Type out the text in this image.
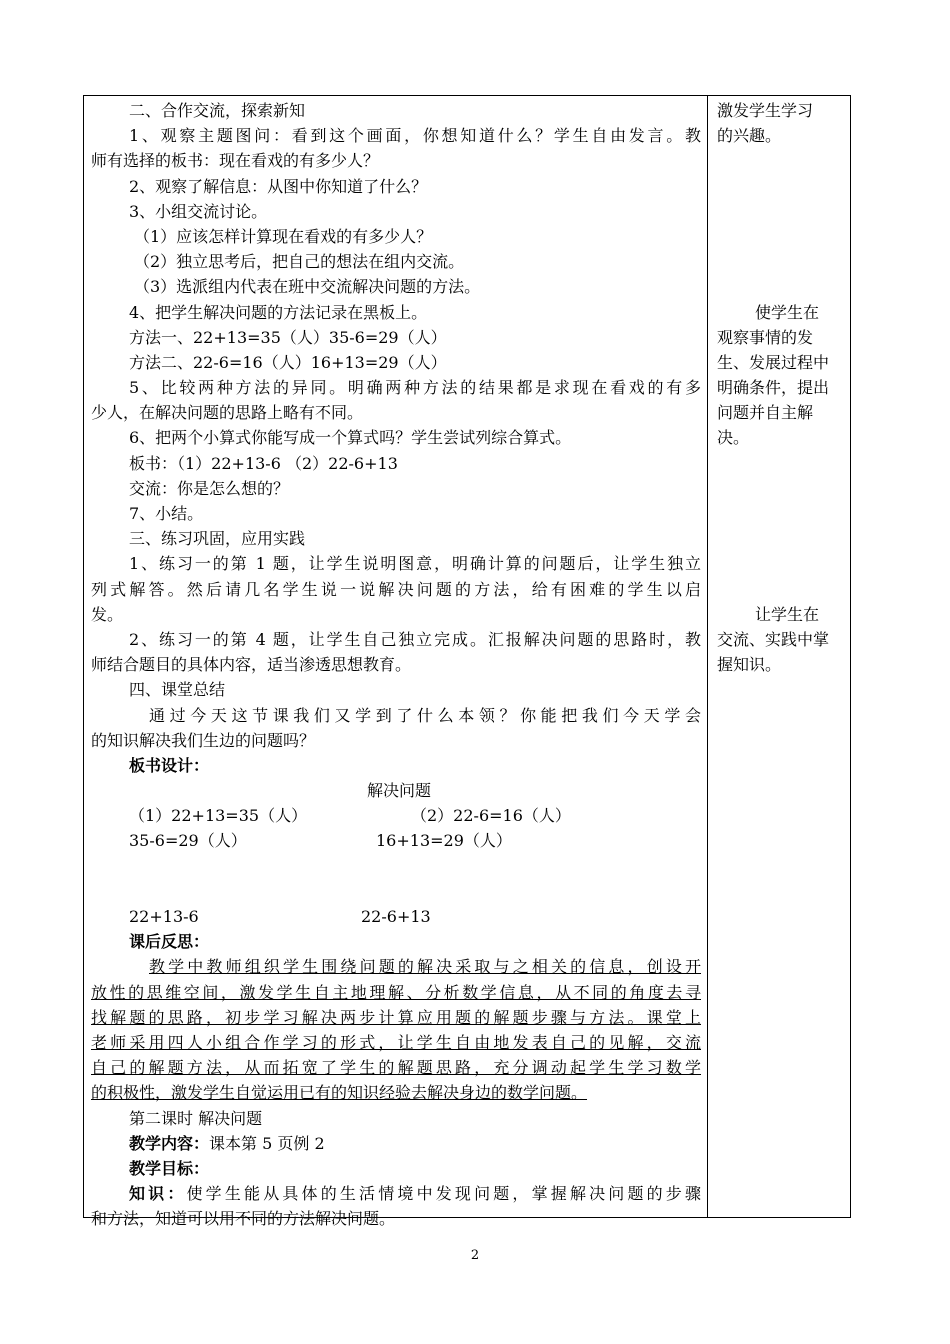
二、合作交流，探索新知
1、观察主题图问：看到这个画面，你想知道什么？学生自由发言。教
师有选择的板书：现在看戏的有多少人？
2、观察了解信息：从图中你知道了什么？
3、小组交流讨论。
（1）应该怎样计算现在看戏的有多少人？
（2）独立思考后，把自己的想法在组内交流。
（3）选派组内代表在班中交流解决问题的方法。
4、把学生解决问题的方法记录在黑板上。
方法一、22+13=35（人）35-6=29（人）
方法二、22-6=16（人）16+13=29（人）
5、比较两种方法的异同。明确两种方法的结果都是求现在看戏的有多
少人，在解决问题的思路上略有不同。
6、把两个小算式你能写成一个算式吗？学生尝试列综合算式。
板书：（1）22+13-6 （2）22-6+13
交流：你是怎么想的？
7、小结。
三、练习巩固，应用实践
1、练习一的第 1 题，让学生说明图意，明确计算的问题后，让学生独立
列式解答。然后请几名学生说一说解决问题的方法，给有困难的学生以启
发。
2、练习一的第 4 题，让学生自己独立完成。汇报解决问题的思路时，教
师结合题目的具体内容，适当渗透思想教育。
四、课堂总结
通过今天这节课我们又学到了什么本领？你能把我们今天学会
的知识解决我们生边的问题吗？
板书设计：
解决问题
（1）22+13=35（人）	（2）22-6=16（人）
35-6=29（人）	16+13=29（人）
22+13-6	22-6+13
课后反思：
教学中教师组织学生围绕问题的解决采取与之相关的信息，创设开
放性的思维空间，激发学生自主地理解、分析数学信息，从不同的角度去寻
找解题的思路，初步学习解决两步计算应用题的解题步骤与方法。课堂上
老师采用四人小组合作学习的形式，让学生自由地发表自己的见解，交流
自己的解题方法，从而拓宽了学生的解题思路，充分调动起学生学习数学
的积极性，激发学生自觉运用已有的知识经验去解决身边的数学问题。
第二课时 解决问题
教学内容：课本第 5 页例 2
教学目标：
知识：使学生能从具体的生活情境中发现问题，掌握解决问题的步骤
和方法，知道可以用不同的方法解决问题。
激发学生学习
的兴趣。
使学生在
观察事情的发
生、发展过程中
明确条件，提出
问题并自主解
决。
让学生在
交流、实践中掌
握知识。
2
